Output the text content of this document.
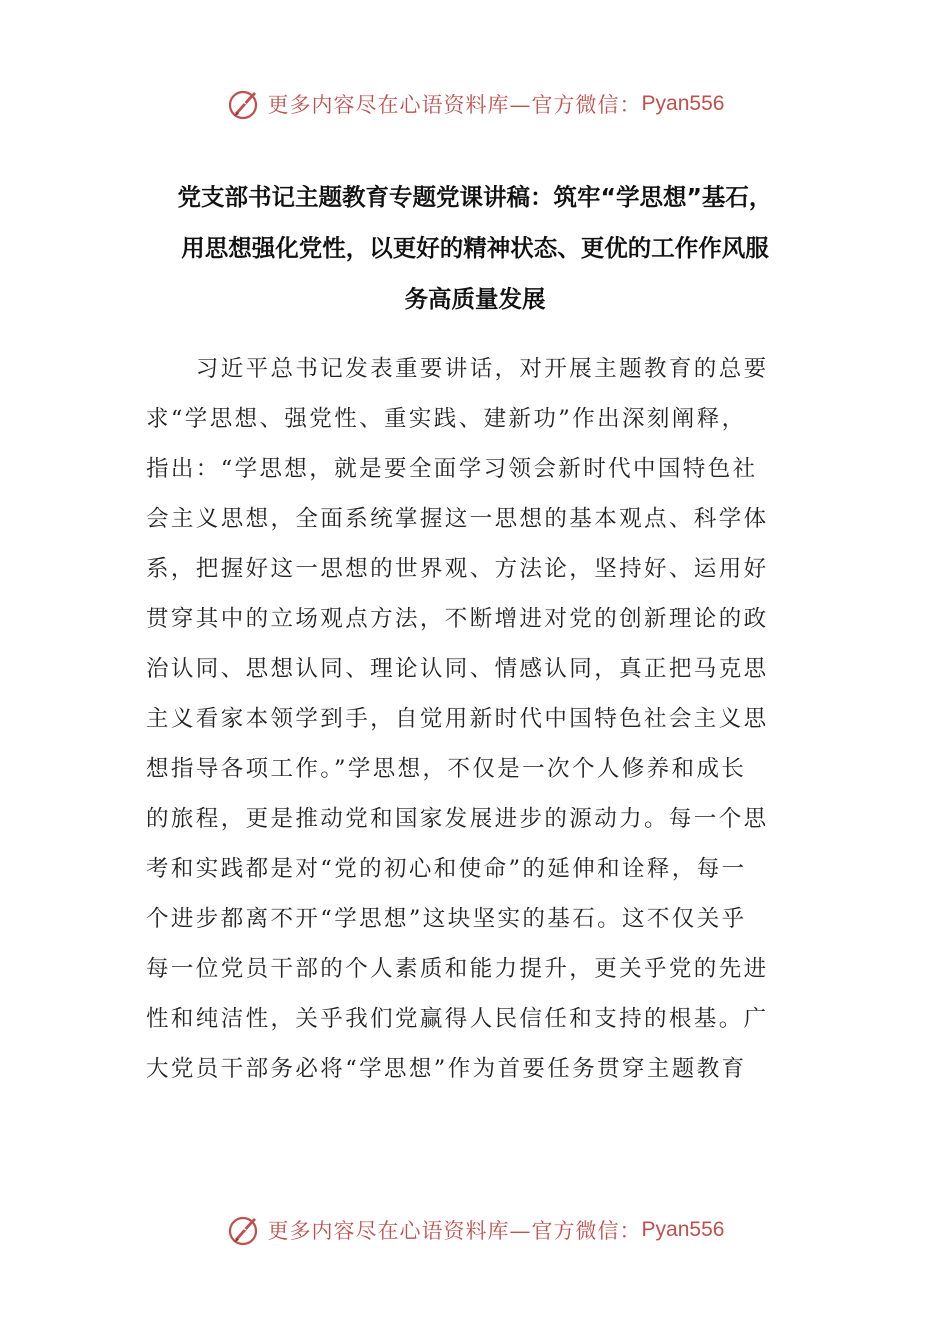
更多内容尽在心语资料库—官方微信： Pyan556
党支部书记主题教育专题党课讲稿：筑牢“学思想”基石，
用思想强化党性，以更好的精神状态、更优的工作作风服
务高质量发展
　　习近平总书记发表重要讲话，对开展主题教育的总要
求“学思想、强党性、重实践、建新功”作出深刻阐释，
指出：“学思想，就是要全面学习领会新时代中国特色社
会主义思想，全面系统掌握这一思想的基本观点、科学体
系，把握好这一思想的世界观、方法论，坚持好、运用好
贯穿其中的立场观点方法，不断增进对党的创新理论的政
治认同、思想认同、理论认同、情感认同，真正把马克思
主义看家本领学到手，自觉用新时代中国特色社会主义思
想指导各项工作。”学思想，不仅是一次个人修养和成长
的旅程，更是推动党和国家发展进步的源动力。每一个思
考和实践都是对“党的初心和使命”的延伸和诠释，每一
个进步都离不开“学思想”这块坚实的基石。这不仅关乎
每一位党员干部的个人素质和能力提升，更关乎党的先进
性和纯洁性，关乎我们党赢得人民信任和支持的根基。广
大党员干部务必将“学思想”作为首要任务贯穿主题教育
更多内容尽在心语资料库—官方微信： Pyan556
